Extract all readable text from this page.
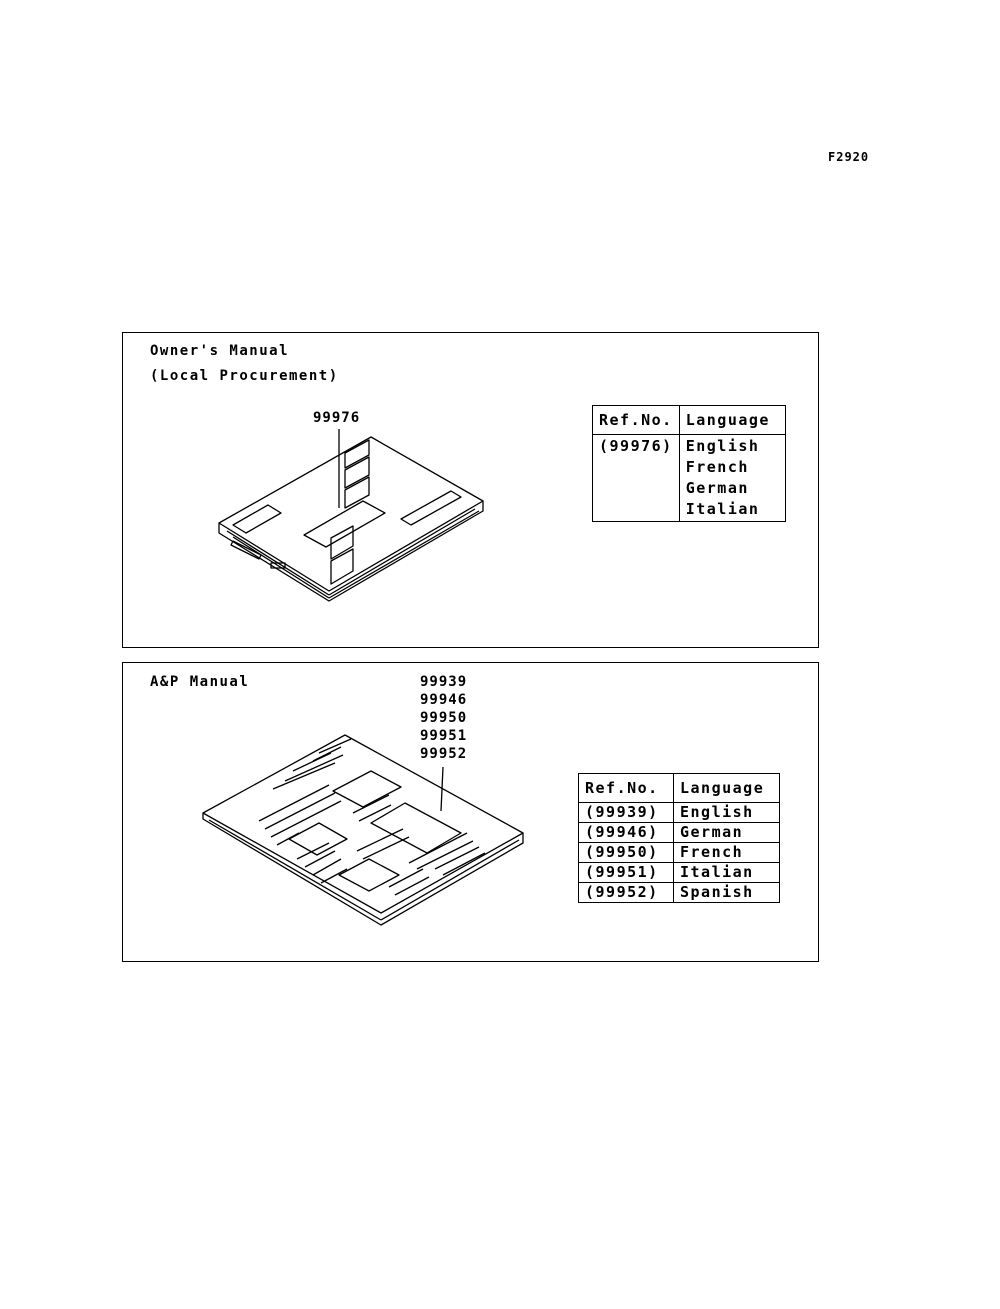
F2920
Owner's Manual
(Local Procurement)
99976	Ref.No.	Language
(99976)	English
French
German
Italian
A&P Manual	99939
99946
99950
99951
99952
Ref.No.	Language
(99939)	English
(99946)	German
(99950)	French
(99951)	Italian
(99952)	Spanish
